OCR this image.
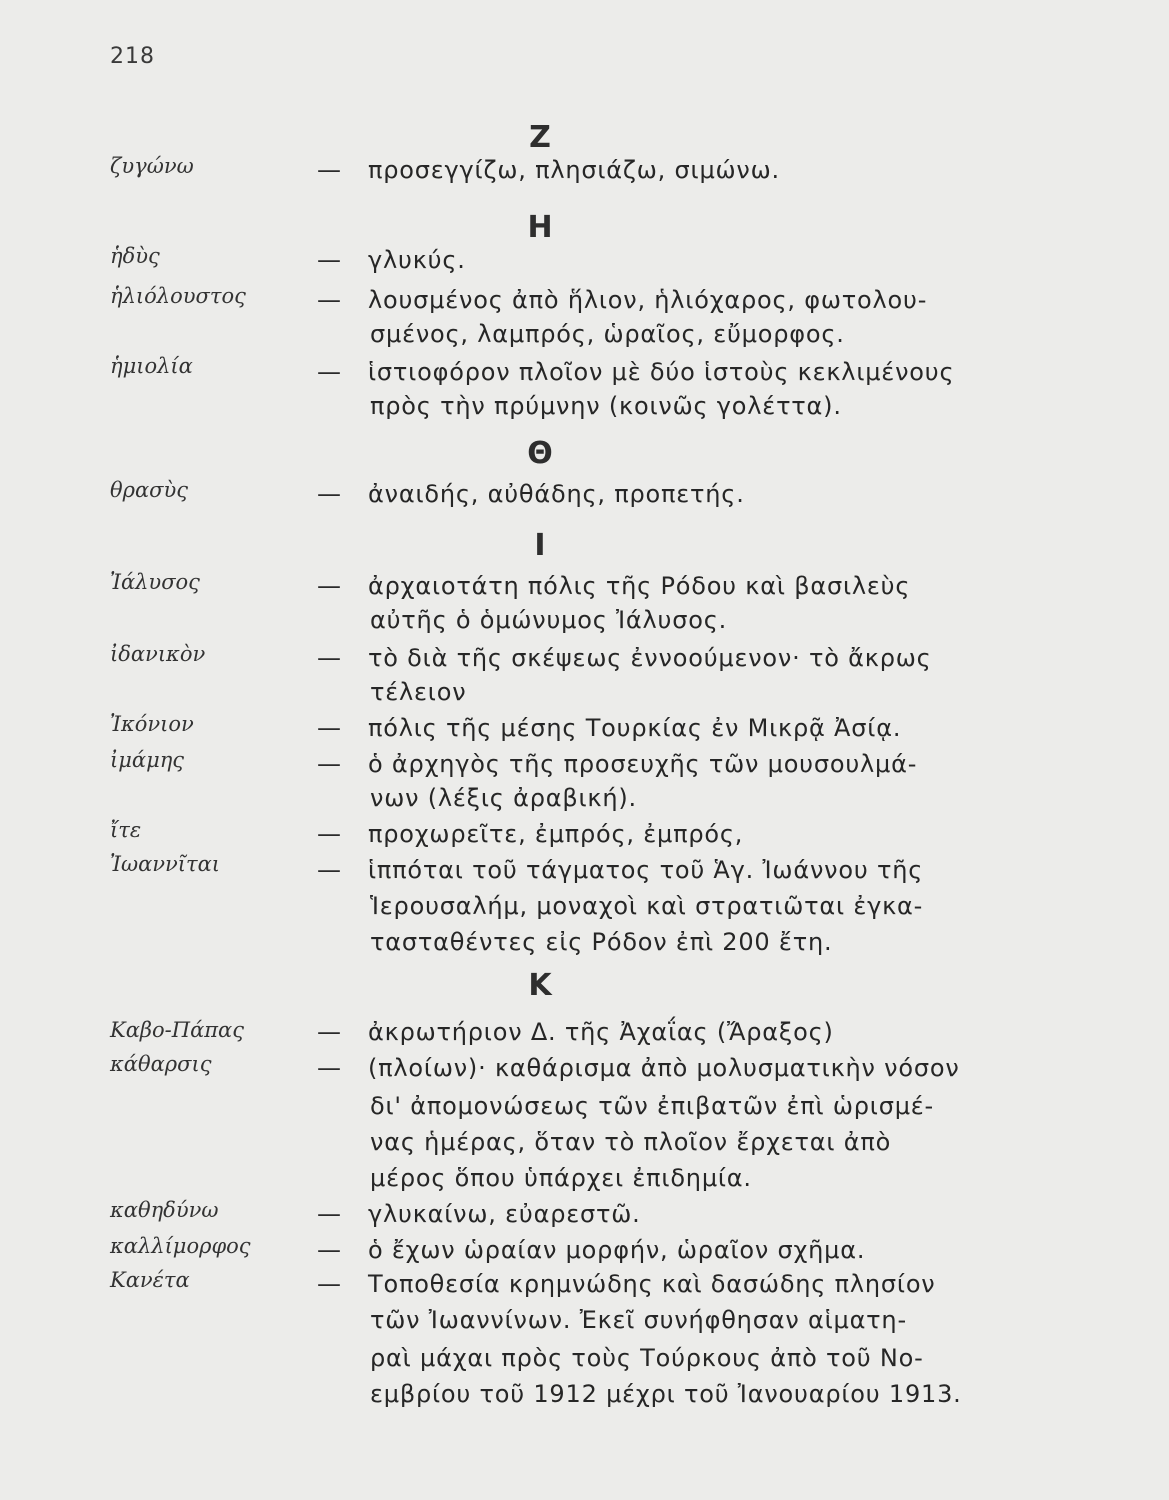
218
Z
H
Θ
I
K
ζυγώνω	— προσεγγίζω, πλησιάζω, σιμώνω.
ἡδὺς	— γλυκύς.
ἡλιόλουστος	— λουσμένος ἀπὸ ἥλιον, ἡλιόχαρος, φωτολου-
σμένος, λαμπρός, ὡραῖος, εὔμορφος.
ἡμιολία	— ἱστιοφόρον πλοῖον μὲ δύο ἱστοὺς κεκλιμένους
πρὸς τὴν πρύμνην (κοινῶς γολέττα).
θρασὺς	— ἀναιδής, αὐθάδης, προπετής.
Ἰάλυσος	— ἀρχαιοτάτη πόλις τῆς Ρόδου καὶ βασιλεὺς
αὐτῆς ὁ ὁμώνυμος Ἰάλυσος.
ἰδανικὸν	— τὸ διὰ τῆς σκέψεως ἐννοούμενον· τὸ ἄκρως
τέλειον
Ἰκόνιον	— πόλις τῆς μέσης Τουρκίας ἐν Μικρᾷ Ἀσίᾳ.
ἰμάμης	— ὁ ἀρχηγὸς τῆς προσευχῆς τῶν μουσουλμά-
νων (λέξις ἀραβική).
ἴτε	— προχωρεῖτε, ἐμπρός, ἐμπρός,
Ἰωαννῖται	— ἱππόται τοῦ τάγματος τοῦ Ἁγ. Ἰωάννου τῆς
Ἱερουσαλήμ, μοναχοὶ καὶ στρατιῶται ἐγκα-
τασταθέντες εἰς Ρόδον ἐπὶ 200 ἔτη.
Καβο-Πάπας	— ἀκρωτήριον Δ. τῆς Ἀχαΐας (Ἄραξος)
κάθαρσις	— (πλοίων)· καθάρισμα ἀπὸ μολυσματικὴν νόσον
δι' ἀπομονώσεως τῶν ἐπιβατῶν ἐπὶ ὡρισμέ-
νας ἡμέρας, ὅταν τὸ πλοῖον ἔρχεται ἀπὸ
μέρος ὅπου ὑπάρχει ἐπιδημία.
καθηδύνω	— γλυκαίνω, εὐαρεστῶ.
καλλίμορφος	— ὁ ἔχων ὡραίαν μορφήν, ὡραῖον σχῆμα.
Κανέτα	— Τοποθεσία κρημνώδης καὶ δασώδης πλησίον
τῶν Ἰωαννίνων. Ἐκεῖ συνήφθησαν αἱματη-
ραὶ μάχαι πρὸς τοὺς Τούρκους ἀπὸ τοῦ Νο-
εμβρίου τοῦ 1912 μέχρι τοῦ Ἰανουαρίου 1913.
